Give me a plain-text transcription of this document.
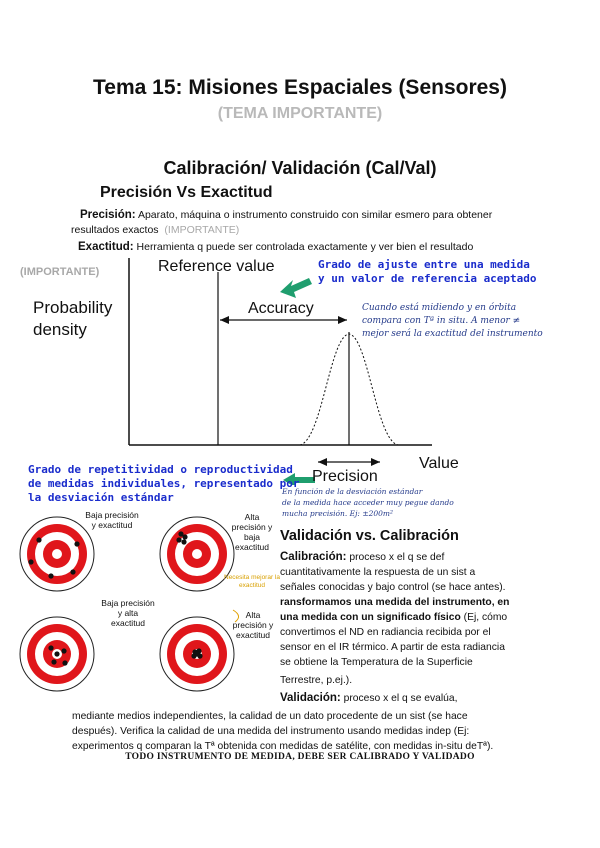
Tema 15: Misiones Espaciales (Sensores)
(TEMA IMPORTANTE)
Calibración/ Validación (Cal/Val)
Precisión Vs Exactitud
Precisión: Aparato, máquina o instrumento construido con similar esmero para obtener
resultados exactos (IMPORTANTE)
Exactitud: Herramienta q puede ser controlada exactamente y ver bien el resultado
(IMPORTANTE)	Reference value
Probability
density
Accuracy
Precision
Value
Grado de ajuste entre una medida
y un valor de referencia aceptado
Grado de repetitividad o reproductividad
de medidas individuales, representado por
la desviación estándar
Cuando está midiendo y en órbita
compara con Tª in situ. A menor ≠
mejor será la exactitud del instrumento
En función de la desviación estándar
de la medida hace acceder muy pegue dando
mucha precisión. Ej: ±200m²
Baja precisión y exactitud
Alta precisión y baja exactitud
Necesita mejorar la exactitud
Baja precisión y alta exactitud
Alta precisión y exactitud
Validación vs. Calibración
Calibración: proceso x el q se def
cuantitativamente la respuesta de un sist a
señales conocidas y bajo control (se hace antes).
ransformamos una medida del instrumento, en
una medida con un significado físico (Ej, cómo
convertimos el ND en radiancia recibida por el
sensor en el IR térmico. A partir de esta radiancia
se obtiene la Temperatura de la Superficie
Terrestre, p.ej.).
Validación: proceso x el q se evalúa,
mediante medios independientes, la calidad de un dato procedente de un sist (se hace
después). Verifica la calidad de una medida del instrumento usando medidas indep (Ej:
experimentos q comparan la Tª obtenida con medidas de satélite, con medidas in-situ deTª).
TODO INSTRUMENTO DE MEDIDA, DEBE SER CALIBRADO Y VALIDADO
